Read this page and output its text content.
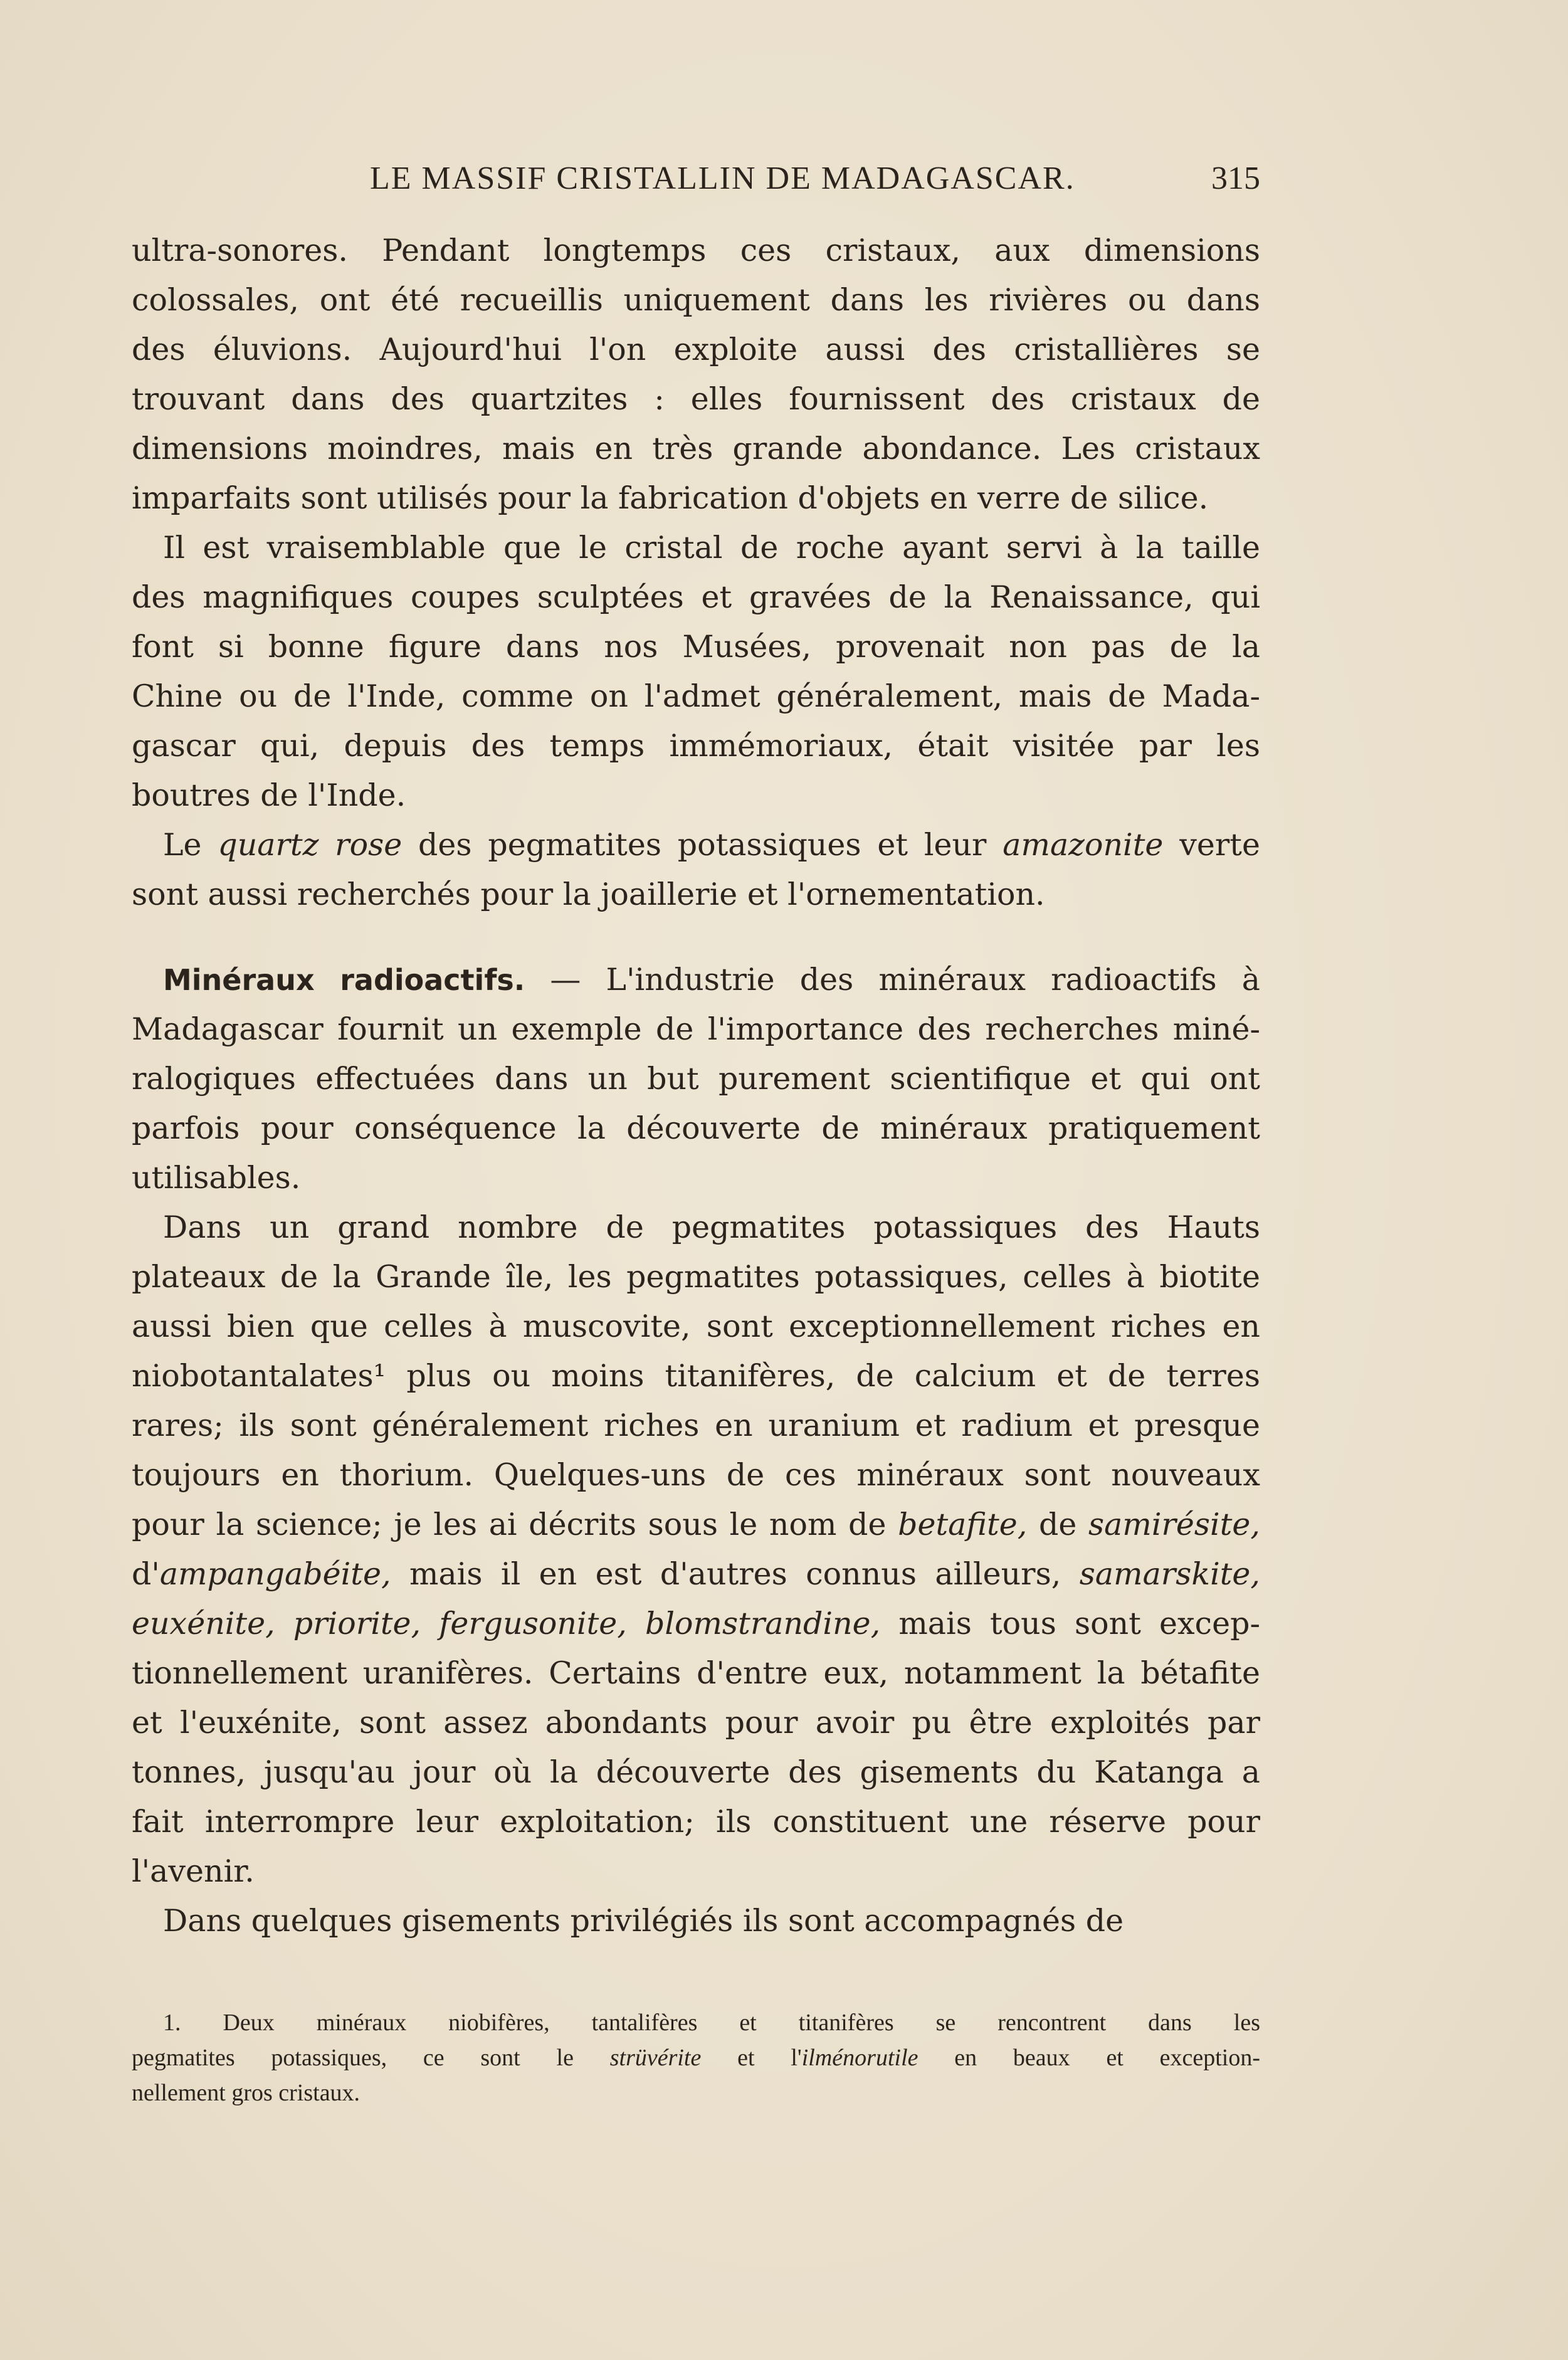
LE MASSIF CRISTALLIN DE MADAGASCAR.	315
ultra-sonores. Pendant longtemps ces cristaux, aux dimensions
colossales, ont été recueillis uniquement dans les rivières ou dans
des éluvions. Aujourd'hui l'on exploite aussi des cristallières se
trouvant dans des quartzites : elles fournissent des cristaux de
dimensions moindres, mais en très grande abondance. Les cristaux
imparfaits sont utilisés pour la fabrication d'objets en verre de silice.
Il est vraisemblable que le cristal de roche ayant servi à la taille
des magnifiques coupes sculptées et gravées de la Renaissance, qui
font si bonne figure dans nos Musées, provenait non pas de la
Chine ou de l'Inde, comme on l'admet généralement, mais de Mada-
gascar qui, depuis des temps immémoriaux, était visitée par les
boutres de l'Inde.
Le quartz rose des pegmatites potassiques et leur amazonite verte
sont aussi recherchés pour la joaillerie et l'ornementation.
Minéraux radioactifs. — L'industrie des minéraux radioactifs à
Madagascar fournit un exemple de l'importance des recherches miné-
ralogiques effectuées dans un but purement scientifique et qui ont
parfois pour conséquence la découverte de minéraux pratiquement
utilisables.
Dans un grand nombre de pegmatites potassiques des Hauts
plateaux de la Grande île, les pegmatites potassiques, celles à biotite
aussi bien que celles à muscovite, sont exceptionnellement riches en
niobotantalates¹ plus ou moins titanifères, de calcium et de terres
rares; ils sont généralement riches en uranium et radium et presque
toujours en thorium. Quelques-uns de ces minéraux sont nouveaux
pour la science; je les ai décrits sous le nom de betafite, de samirésite,
d'ampangabéite, mais il en est d'autres connus ailleurs, samarskite,
euxénite, priorite, fergusonite, blomstrandine, mais tous sont excep-
tionnellement uranifères. Certains d'entre eux, notamment la bétafite
et l'euxénite, sont assez abondants pour avoir pu être exploités par
tonnes, jusqu'au jour où la découverte des gisements du Katanga a
fait interrompre leur exploitation; ils constituent une réserve pour
l'avenir.
Dans quelques gisements privilégiés ils sont accompagnés de
1. Deux minéraux niobifères, tantalifères et titanifères se rencontrent dans les
pegmatites potassiques, ce sont le strüvérite et l'ilménorutile en beaux et exception-
nellement gros cristaux.
